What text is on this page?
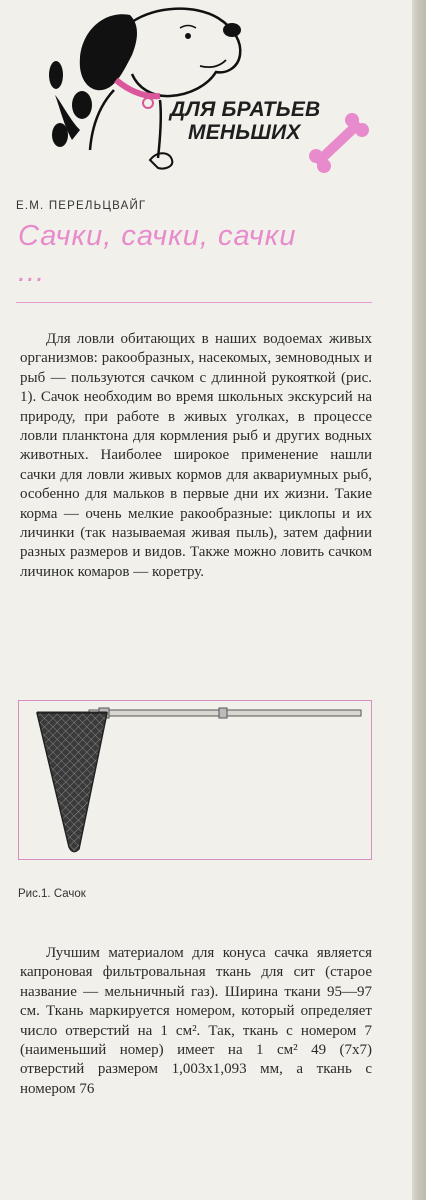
ДЛЯ БРАТЬЕВ
МЕНЬШИХ
Е.М. ПЕРЕЛЬЦВАЙГ
Сачки, сачки, сачки ...
Для ловли обитающих в наших водоемах живых организмов: ракообразных, насекомых, земноводных и рыб — пользуются сачком с длинной рукояткой (рис. 1). Сачок необходим во время школьных экскурсий на природу, при работе в живых уголках, в процессе ловли планктона для кормления рыб и других водных животных. Наиболее широкое применение нашли сачки для ловли живых кормов для аквариумных рыб, особенно для мальков в первые дни их жизни. Такие корма — очень мелкие ракообразные: циклопы и их личинки (так называемая живая пыль), затем дафнии разных размеров и видов. Также можно ловить сачком личинок комаров — коретру.
Рис.1. Сачок
Лучшим материалом для конуса сачка является капроновая фильтровальная ткань для сит (старое название — мельничный газ). Ширина ткани 95—97 см. Ткань маркируется номером, который определяет число отверстий на 1 см². Так, ткань с номером 7 (наименьший номер) имеет на 1 см² 49 (7х7) отверстий размером 1,003х1,093 мм, а ткань с номером 76
